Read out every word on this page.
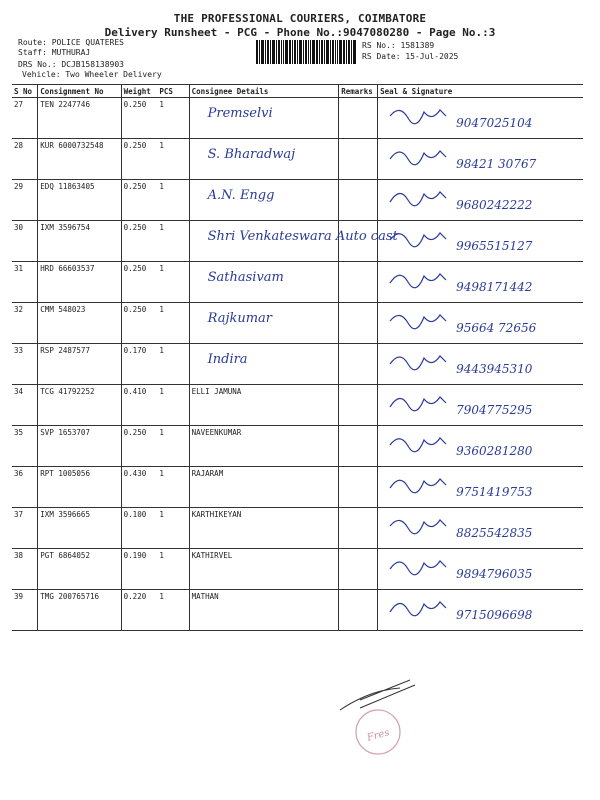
THE PROFESSIONAL COURIERS, COIMBATORE
Delivery Runsheet - PCG - Phone No.:9047080280 - Page No.:3
Route: POLICE QUATERES
Staff: MUTHURAJ
DRS No.: DCJB158138903
Vehicle: Two Wheeler Delivery
RS No.: 1581389
RS Date: 15-Jul-2025
S No	Consignment No	Weight	PCS	Consignee Details	Remarks	Seal & Signature
27	TEN 2247746	0.250	1	Premselvi		9047025104

28	KUR 6000732548	0.250	1	S. Bharadwaj		98421 30767

29	EDQ 11863405	0.250	1	A.N. Engg		9680242222

30	IXM 3596754	0.250	1	Shri Venkateswara Auto cast		9965515127

31	HRD 66603537	0.250	1	Sathasivam		9498171442

32	CMM 548023	0.250	1	Rajkumar		95664 72656

33	RSP 2487577	0.170	1	Indira		9443945310

34	TCG 41792252	0.410	1	ELLI JAMUNA		7904775295

35	SVP 1653707	0.250	1	NAVEENKUMAR		9360281280

36	RPT 1005056	0.430	1	RAJARAM		9751419753

37	IXM 3596665	0.100	1	KARTHIKEYAN		8825542835

38	PGT 6864052	0.190	1	KATHIRVEL		9894796035

39	TMG 200765716	0.220	1	MATHAN		9715096698
Fres
